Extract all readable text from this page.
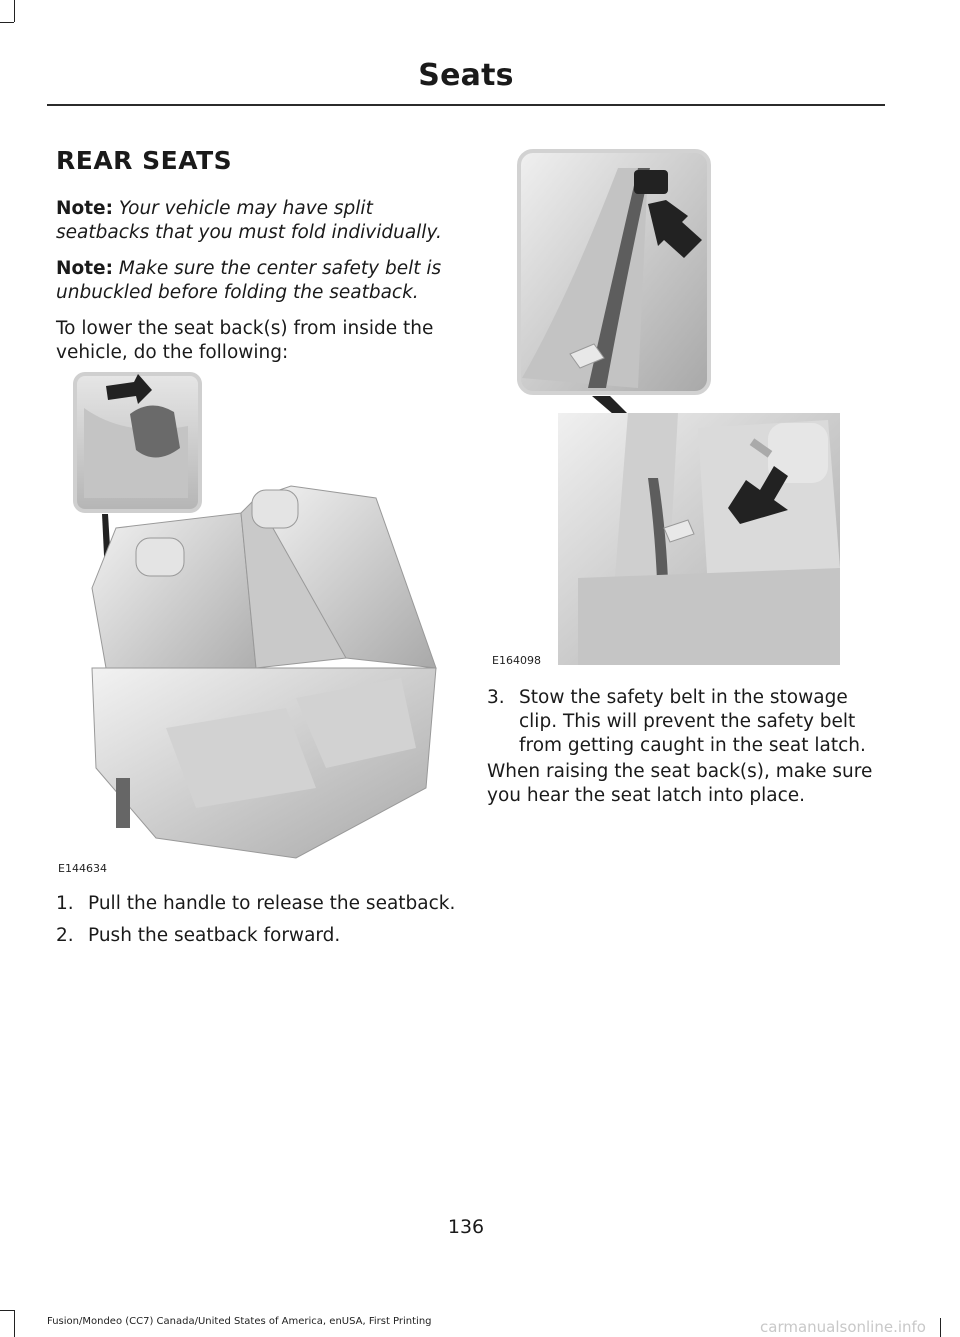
Seats
REAR SEATS

Note: Your vehicle may have split seatbacks that you must fold individually.

Note: Make sure the center safety belt is unbuckled before folding the seatback.

To lower the seat back(s) from inside the vehicle, do the following:

E144634
1. Pull the handle to release the seatback.
2. Push the seatback forward.
E164098
3. Stow the safety belt in the stowage clip. This will prevent the safety belt from getting caught in the seat latch.

When raising the seat back(s), make sure you hear the seat latch into place.

136
Fusion/Mondeo (CC7) Canada/United States of America, enUSA, First Printing	carmanualsonline.info
